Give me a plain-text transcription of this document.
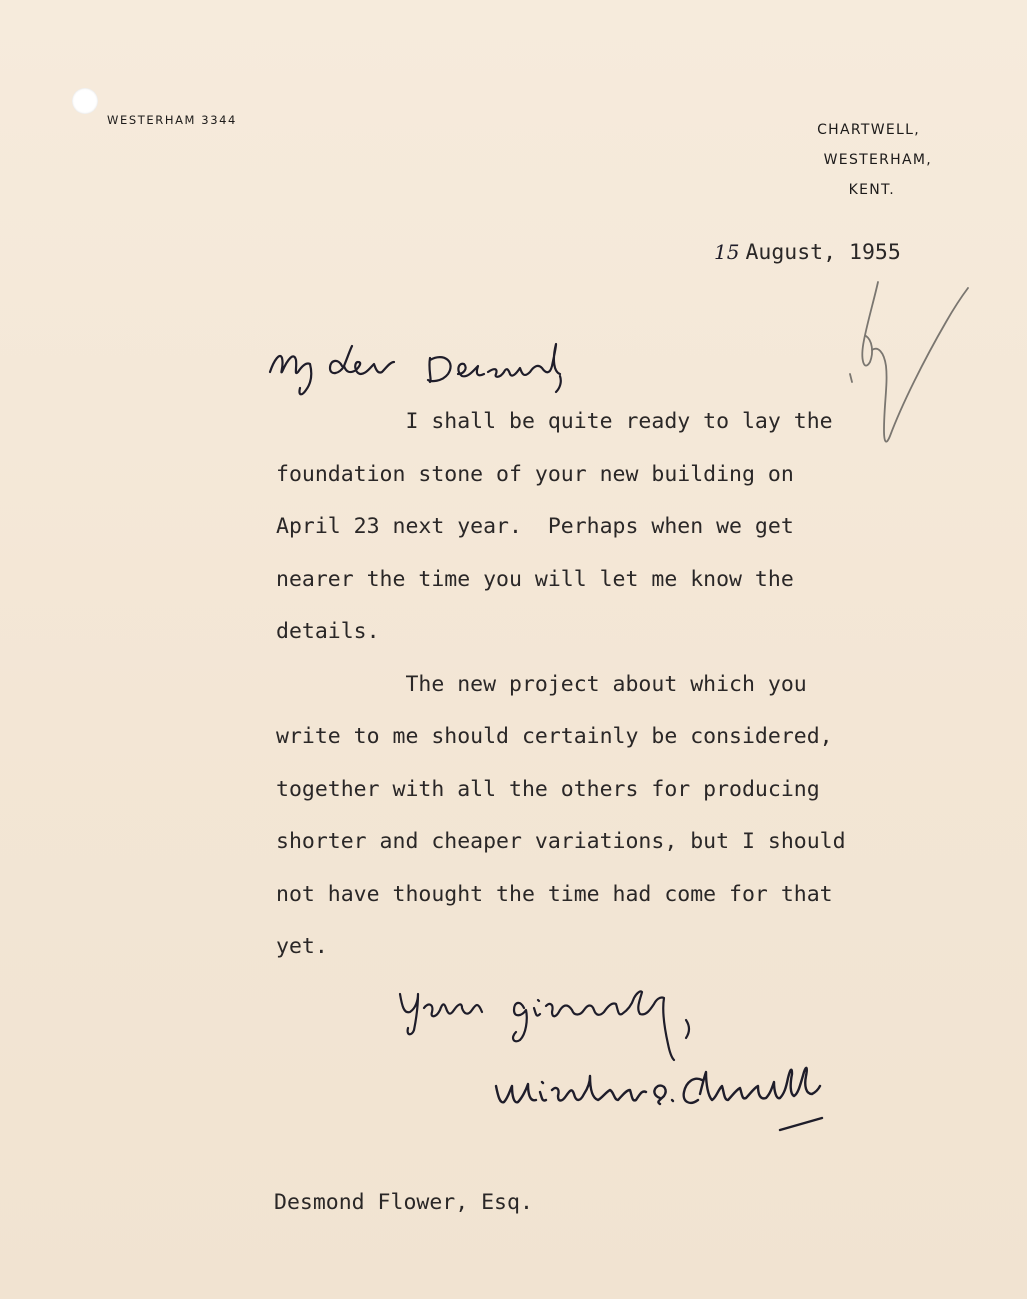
WESTERHAM 3344
CHARTWELL,
WESTERHAM,
KENT.
15 August, 1955
I shall be quite ready to lay the
foundation stone of your new building on
April 23 next year.  Perhaps when we get
nearer the time you will let me know the
details.
The new project about which you
write to me should certainly be considered,
together with all the others for producing
shorter and cheaper variations, but I should
not have thought the time had come for that
yet.
Desmond Flower, Esq.
